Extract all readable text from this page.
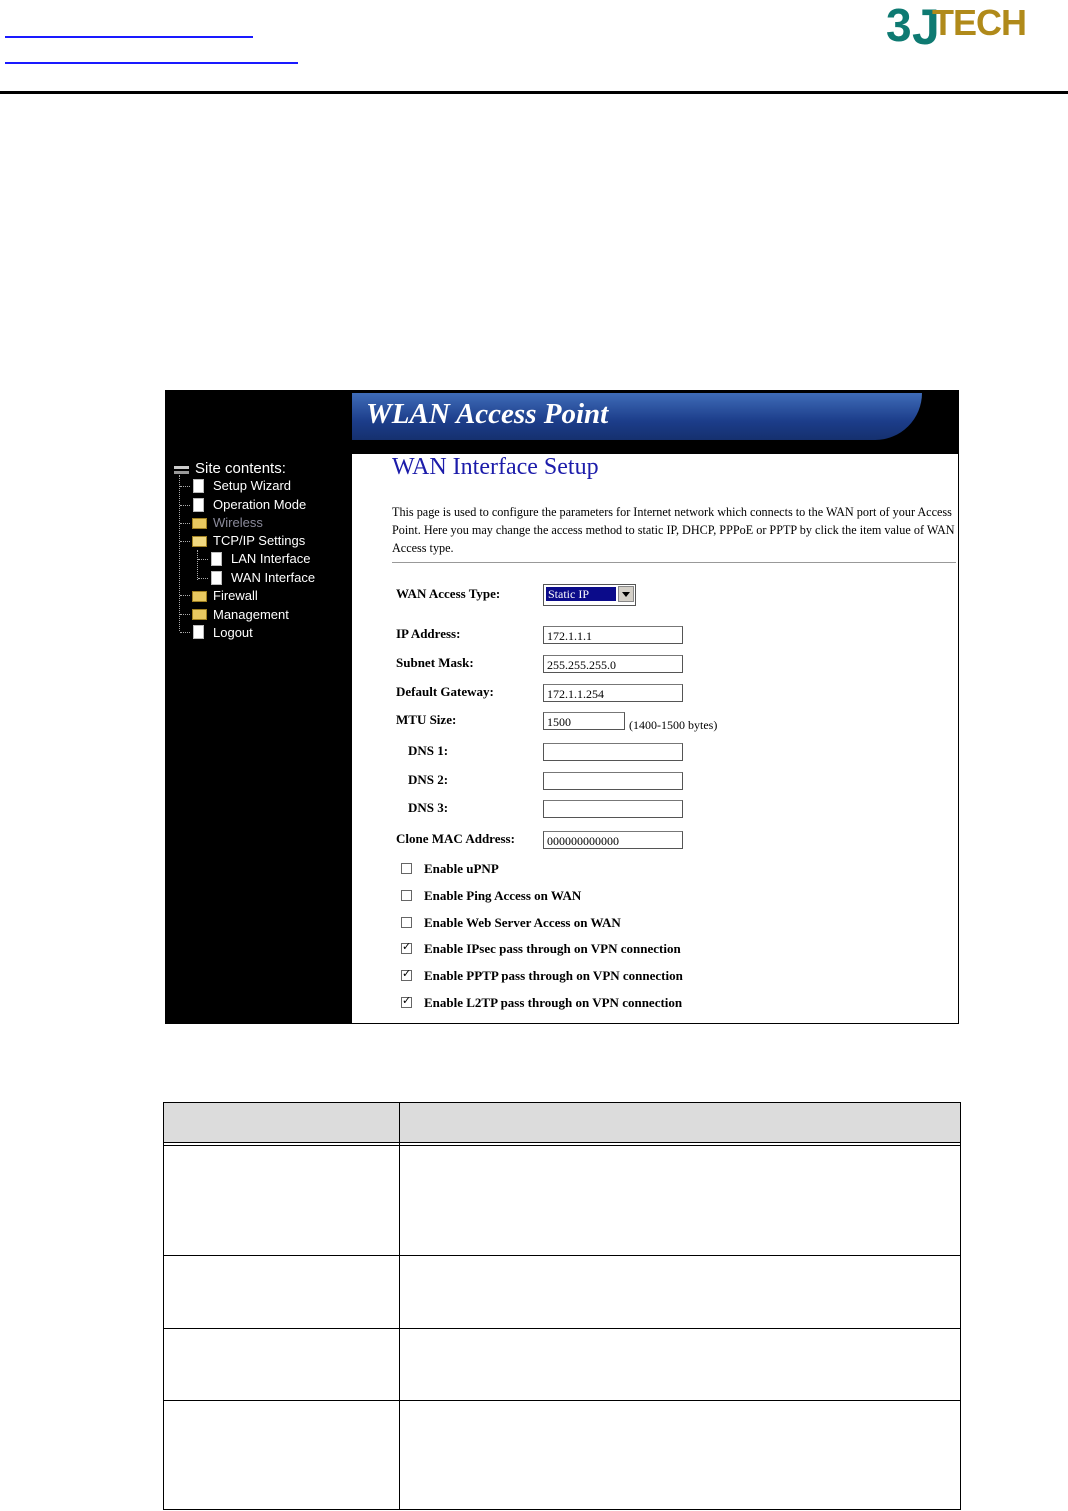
3 J
TECH
WLAN Access Point
Site contents:
Setup Wizard
Operation Mode
Wireless
TCP/IP Settings
LAN Interface
WAN Interface
Firewall
Management
Logout
WAN Interface Setup
This page is used to configure the parameters for Internet network which connects to the WAN port of your Access Point. Here you may change the access method to static IP, DHCP, PPPoE or PPTP by click the item value of WAN Access type.
WAN Access Type:	Static IP
IP Address:	172.1.1.1
Subnet Mask:	255.255.255.0
Default Gateway:	172.1.1.254
MTU Size:	1500	(1400-1500 bytes)
DNS 1:
DNS 2:
DNS 3:
Clone MAC Address:	000000000000
Enable uPNP
Enable Ping Access on WAN
Enable Web Server Access on WAN
✓
Enable IPsec pass through on VPN connection
✓
Enable PPTP pass through on VPN connection
✓
Enable L2TP pass through on VPN connection
